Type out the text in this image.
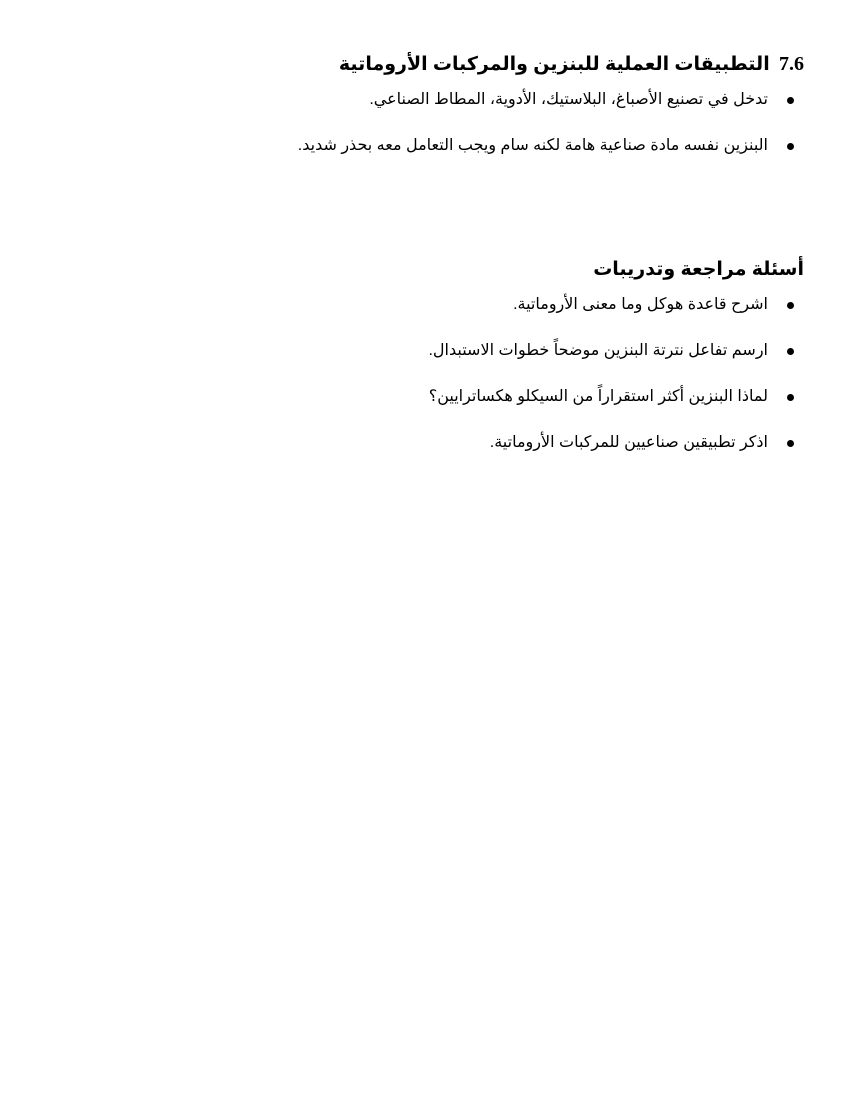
7.6 التطبيقات العملية للبنزين والمركبات الأروماتية
تدخل في تصنيع الأصباغ، البلاستيك، الأدوية، المطاط الصناعي.
البنزين نفسه مادة صناعية هامة لكنه سام ويجب التعامل معه بحذر شديد.
أسئلة مراجعة وتدريبات
اشرح قاعدة هوكل وما معنى الأروماتية.
ارسم تفاعل نترتة البنزين موضحاً خطوات الاستبدال.
لماذا البنزين أكثر استقراراً من السيكلو هكساترايين؟
اذكر تطبيقين صناعيين للمركبات الأروماتية.
